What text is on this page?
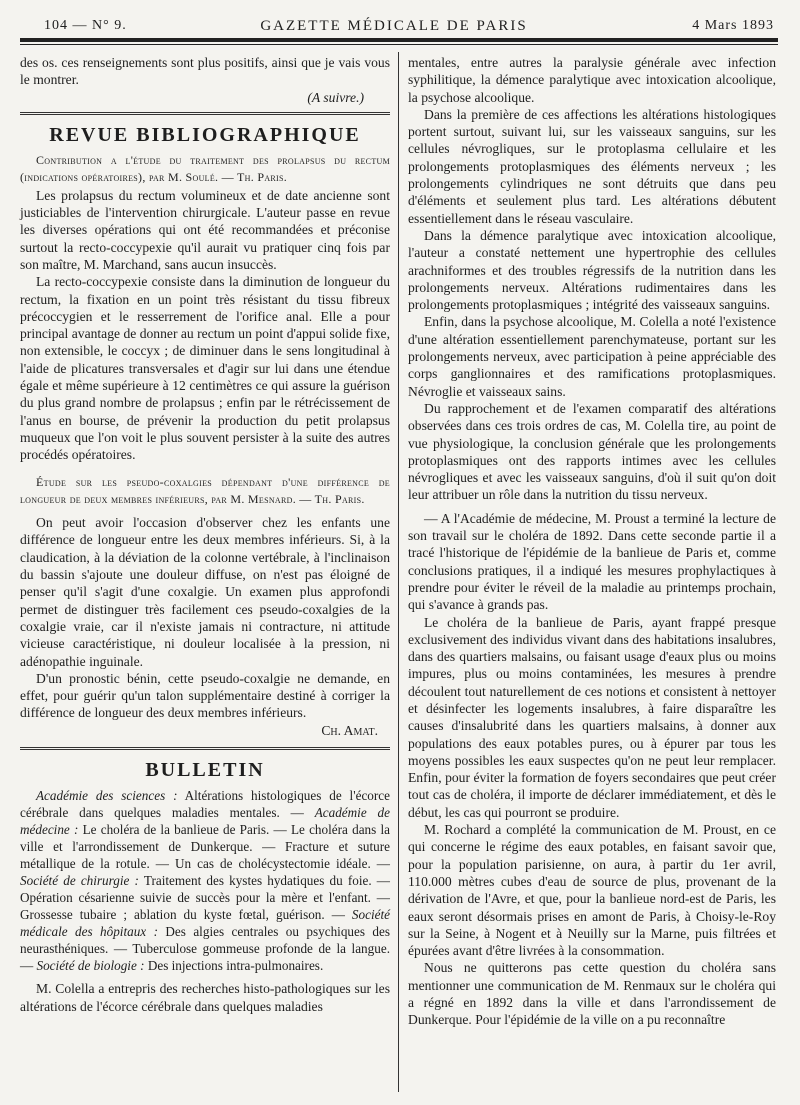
104 — N° 9.	GAZETTE MÉDICALE DE PARIS	4 Mars 1893

des os. ces renseignements sont plus positifs, ainsi que je vais vous le montrer.

(A suivre.)

REVUE BIBLIOGRAPHIQUE

Contribution a l'étude du traitement des prolapsus du rectum (indications opératoires), par M. Soulé. — Th. Paris.

Les prolapsus du rectum volumineux et de date ancienne sont justiciables de l'intervention chirurgicale. L'auteur passe en revue les diverses opérations qui ont été recommandées et préconise surtout la recto-coccypexie qu'il aurait vu pratiquer cinq fois par son maître, M. Marchand, sans aucun insuccès.

La recto-coccypexie consiste dans la diminution de longueur du rectum, la fixation en un point très résistant du tissu fibreux précoccygien et le resserrement de l'orifice anal. Elle a pour principal avantage de donner au rectum un point d'appui solide fixe, non extensible, le coccyx ; de diminuer dans le sens longitudinal à l'aide de plicatures transversales et d'agir sur lui dans une étendue égale et même supérieure à 12 centimètres ce qui assure la guérison du plus grand nombre de prolapsus ; enfin par le rétrécissement de l'anus en bourse, de prévenir la production du petit prolapsus muqueux que l'on voit le plus souvent persister à la suite des autres procédés opératoires.

Étude sur les pseudo-coxalgies dépendant d'une différence de longueur de deux membres inférieurs, par M. Mesnard. — Th. Paris.

On peut avoir l'occasion d'observer chez les enfants une différence de longueur entre les deux membres inférieurs. Si, à la claudication, à la déviation de la colonne vertébrale, à l'inclinaison du bassin s'ajoute une douleur diffuse, on n'est pas éloigné de penser qu'il s'agit d'une coxalgie. Un examen plus approfondi permet de distinguer très facilement ces pseudo-coxalgies de la coxalgie vraie, car il n'existe jamais ni contracture, ni attitude vicieuse caractéristique, ni douleur localisée à la pression, ni adénopathie inguinale.

D'un pronostic bénin, cette pseudo-coxalgie ne demande, en effet, pour guérir qu'un talon supplémentaire destiné à corriger la différence de longueur des deux membres inférieurs.

Ch. Amat.

BULLETIN

Académie des sciences : Altérations histologiques de l'écorce cérébrale dans quelques maladies mentales. — Académie de médecine : Le choléra de la banlieue de Paris. — Le choléra dans la ville et l'arrondissement de Dunkerque. — Fracture et suture métallique de la rotule. — Un cas de cholécystectomie idéale. — Société de chirurgie : Traitement des kystes hydatiques du foie. — Opération césarienne suivie de succès pour la mère et l'enfant. — Grossesse tubaire ; ablation du kyste fœtal, guérison. — Société médicale des hôpitaux : Des algies centrales ou psychiques des neurasthéniques. — Tuberculose gommeuse profonde de la langue. — Société de biologie : Des injections intra-pulmonaires.

M. Colella a entrepris des recherches histo-pathologiques sur les altérations de l'écorce cérébrale dans quelques maladies

mentales, entre autres la paralysie générale avec infection syphilitique, la démence paralytique avec intoxication alcoolique, la psychose alcoolique.

Dans la première de ces affections les altérations histologiques portent surtout, suivant lui, sur les vaisseaux sanguins, sur les cellules névrogliques, sur le protoplasma cellulaire et les prolongements protoplasmiques des éléments nerveux ; les prolongements cylindriques ne sont détruits que dans peu d'éléments et seulement plus tard. Les altérations débutent essentiellement dans le réseau vasculaire.

Dans la démence paralytique avec intoxication alcoolique, l'auteur a constaté nettement une hypertrophie des cellules arachniformes et des troubles régressifs de la nutrition dans les prolongements nerveux. Altérations rudimentaires dans les prolongements protoplasmiques ; intégrité des vaisseaux sanguins.

Enfin, dans la psychose alcoolique, M. Colella a noté l'existence d'une altération essentiellement parenchymateuse, portant sur les prolongements nerveux, avec participation à peine appréciable des corps ganglionnaires et des ramifications protoplasmiques. Névroglie et vaisseaux sains.

Du rapprochement et de l'examen comparatif des altérations observées dans ces trois ordres de cas, M. Colella tire, au point de vue physiologique, la conclusion générale que les prolongements protoplasmiques ont des rapports intimes avec les cellules névrogliques et avec les vaisseaux sanguins, d'où il suit qu'on doit leur attribuer un rôle dans la nutrition du tissu nerveux.

— A l'Académie de médecine, M. Proust a terminé la lecture de son travail sur le choléra de 1892. Dans cette seconde partie il a tracé l'historique de l'épidémie de la banlieue de Paris et, comme conclusions pratiques, il a indiqué les mesures prophylactiques à prendre pour éviter le réveil de la maladie au printemps prochain, qui s'avance à grands pas.

Le choléra de la banlieue de Paris, ayant frappé presque exclusivement des individus vivant dans des habitations insalubres, dans des quartiers malsains, ou faisant usage d'eaux plus ou moins impures, plus ou moins contaminées, les mesures à prendre découlent tout naturellement de ces notions et consistent à nettoyer et désinfecter les logements insalubres, à faire disparaître les causes d'insalubrité dans les quartiers malsains, à donner aux populations des eaux potables pures, ou à épurer par tous les moyens possibles les eaux suspectes qu'on ne peut leur remplacer. Enfin, pour éviter la formation de foyers secondaires que peut créer tout cas de choléra, il importe de déclarer immédiatement, et dès le début, les cas qui pourront se produire.

M. Rochard a complété la communication de M. Proust, en ce qui concerne le régime des eaux potables, en faisant savoir que, pour la population parisienne, on aura, à partir du 1er avril, 110.000 mètres cubes d'eau de source de plus, provenant de la dérivation de l'Avre, et que, pour la banlieue nord-est de Paris, les eaux seront désormais prises en amont de Paris, à Choisy-le-Roy sur la Seine, à Nogent et à Neuilly sur la Marne, puis filtrées et épurées avant d'être livrées à la consommation.

Nous ne quitterons pas cette question du choléra sans mentionner une communication de M. Renmaux sur le choléra qui a régné en 1892 dans la ville et dans l'arrondissement de Dunkerque. Pour l'épidémie de la ville on a pu reconnaître
